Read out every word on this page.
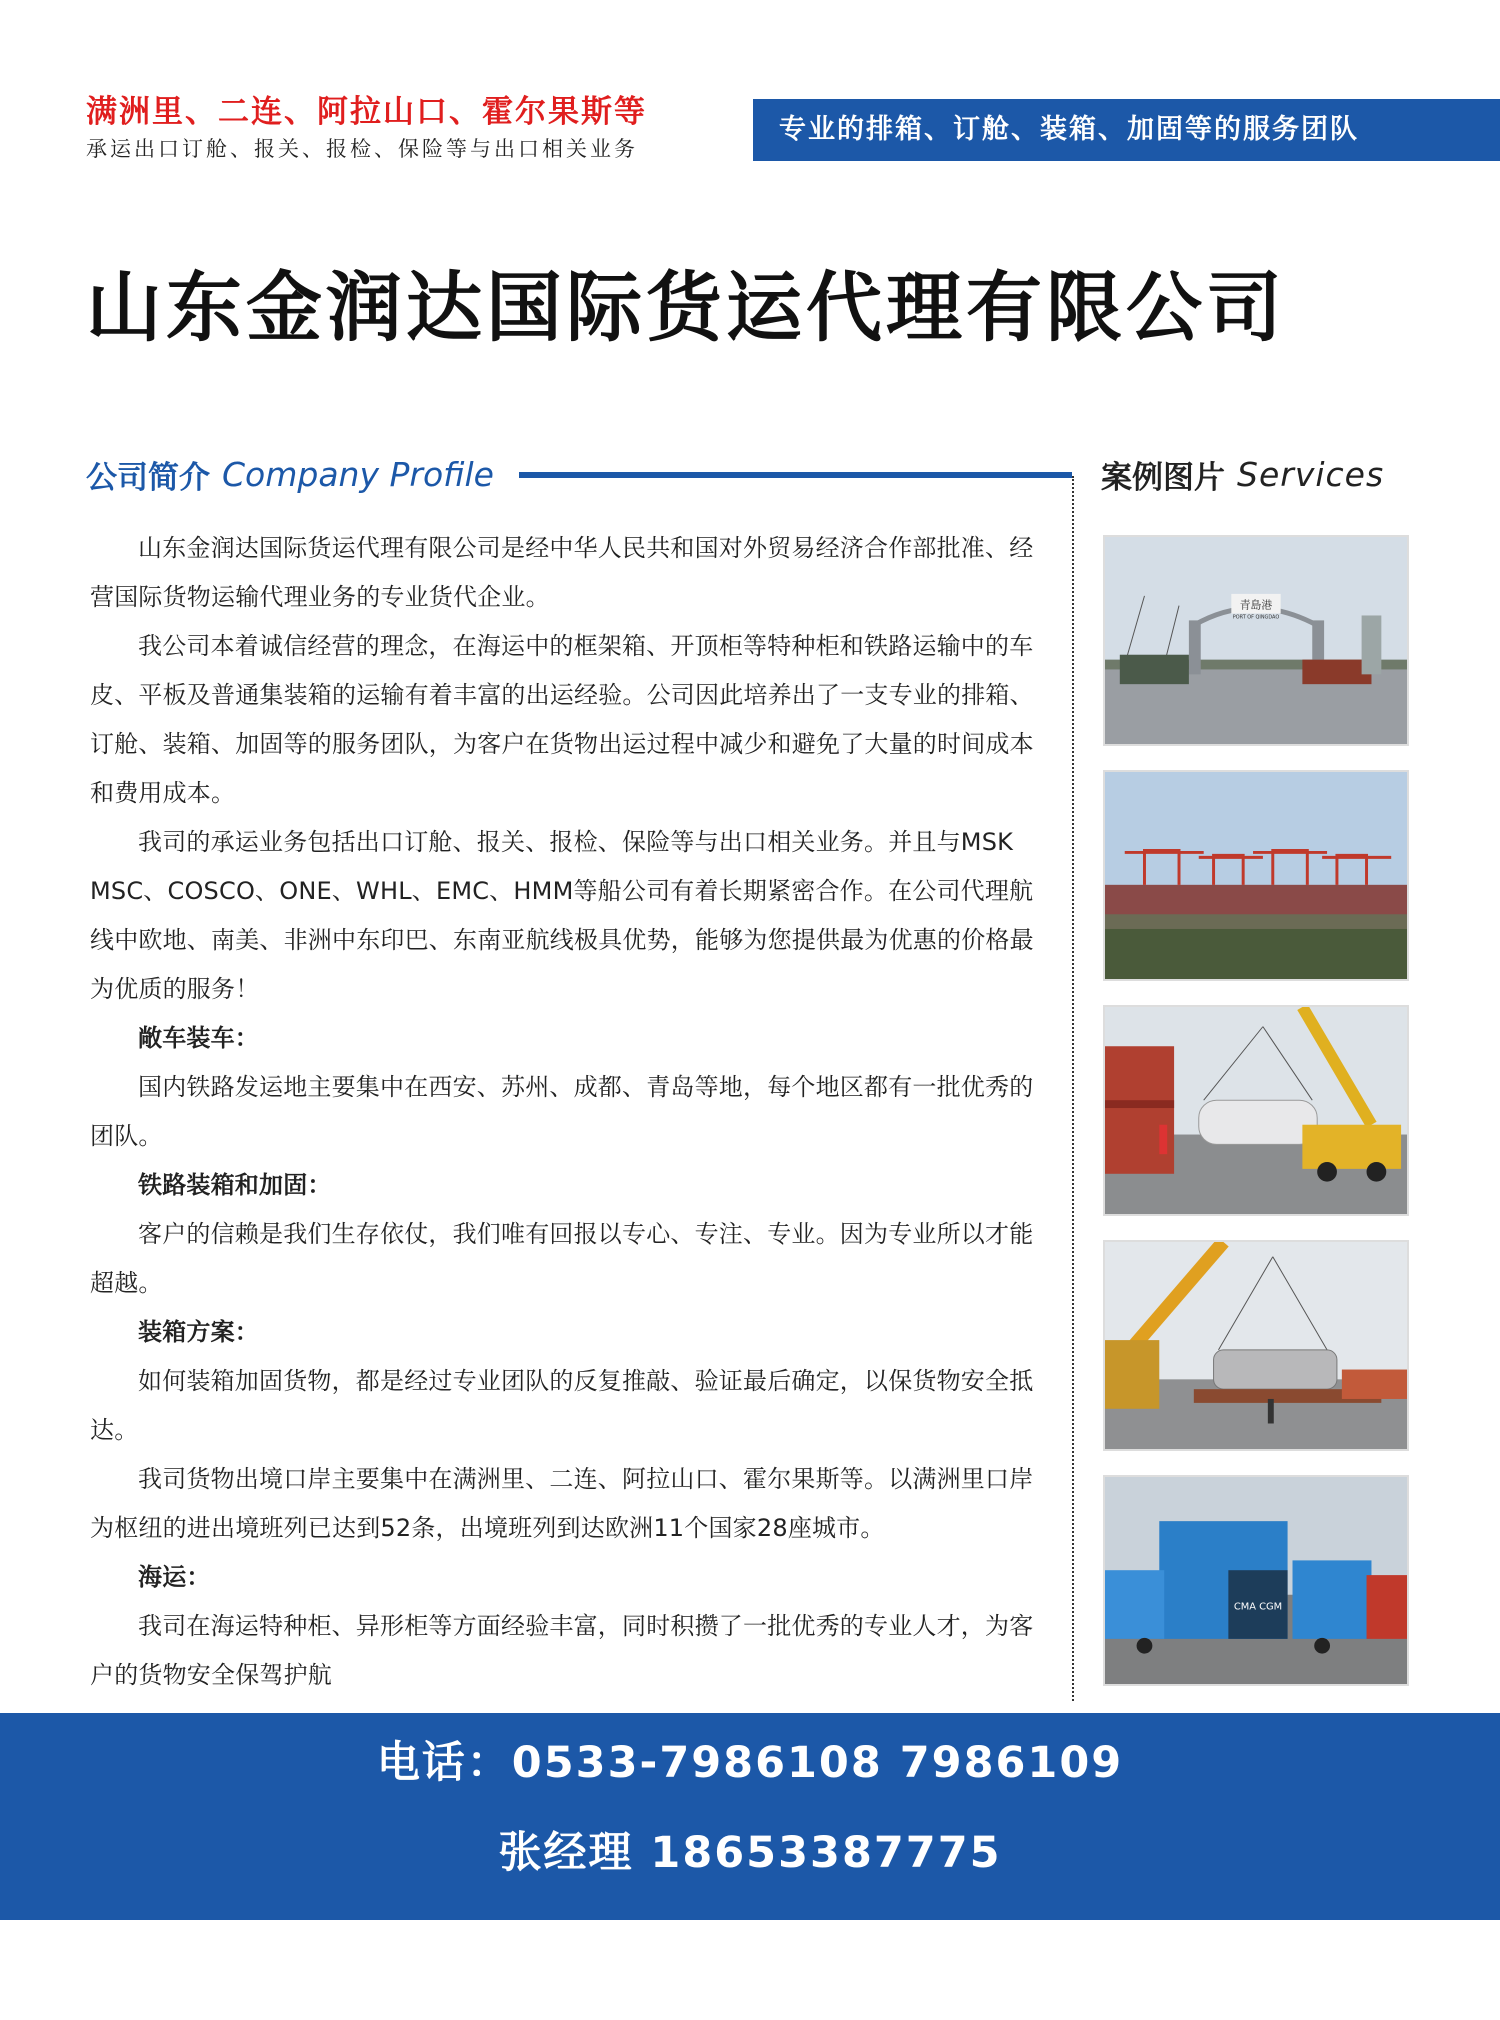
满洲里、二连、阿拉山口、霍尔果斯等
承运出口订舱、报关、报检、保险等与出口相关业务
专业的排箱、订舱、装箱、加固等的服务团队
山东金润达国际货运代理有限公司
公司简介 Company Profile	案例图片 Services

山东金润达国际货运代理有限公司是经中华人民共和国对外贸易经济合作部批准、经营国际货物运输代理业务的专业货代企业。

我公司本着诚信经营的理念，在海运中的框架箱、开顶柜等特种柜和铁路运输中的车皮、平板及普通集装箱的运输有着丰富的出运经验。公司因此培养出了一支专业的排箱、订舱、装箱、加固等的服务团队，为客户在货物出运过程中减少和避免了大量的时间成本和费用成本。

我司的承运业务包括出口订舱、报关、报检、保险等与出口相关业务。并且与MSK MSC、COSCO、ONE、WHL、EMC、HMM等船公司有着长期紧密合作。在公司代理航线中欧地、南美、非洲中东印巴、东南亚航线极具优势，能够为您提供最为优惠的价格最为优质的服务！

敞车装车：

国内铁路发运地主要集中在西安、苏州、成都、青岛等地，每个地区都有一批优秀的团队。

铁路装箱和加固：

客户的信赖是我们生存依仗，我们唯有回报以专心、专注、专业。因为专业所以才能超越。

装箱方案：

如何装箱加固货物，都是经过专业团队的反复推敲、验证最后确定，以保货物安全抵达。

我司货物出境口岸主要集中在满洲里、二连、阿拉山口、霍尔果斯等。以满洲里口岸为枢纽的进出境班列已达到52条，出境班列到达欧洲11个国家28座城市。

海运：

我司在海运特种柜、异形柜等方面经验丰富，同时积攒了一批优秀的专业人才，为客户的货物安全保驾护航

青島港
PORT OF QINGDAO
CMA CGM
电话：0533-7986108 7986109
张经理 18653387775
